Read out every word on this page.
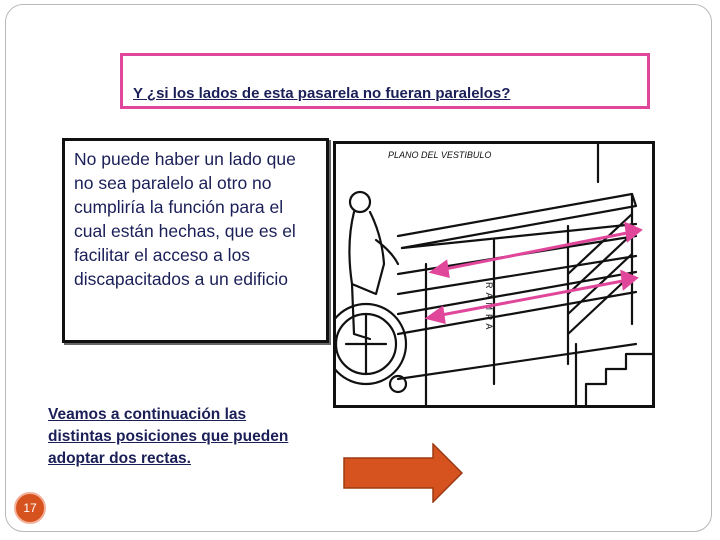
Y ¿si los lados de esta pasarela no fueran paralelos?
No puede haber un lado que no sea paralelo al otro no cumpliría la función para el cual están hechas, que es el facilitar el acceso a los discapacitados a un edificio
PLANO DEL VESTIBULO
RAMPA
Veamos a continuación las distintas posiciones que pueden adoptar dos rectas.
17
